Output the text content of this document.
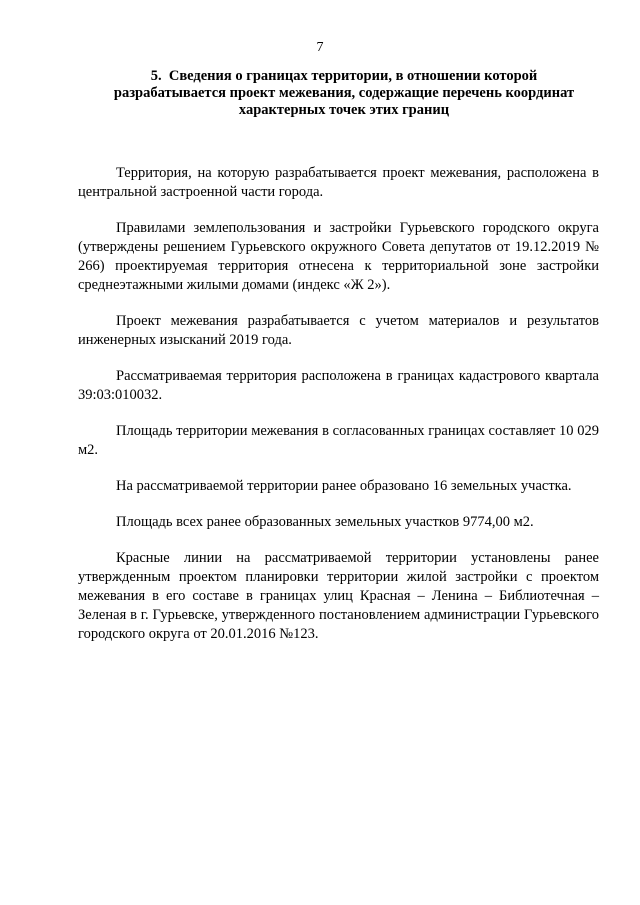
7
5.  Сведения о границах территории, в отношении которой разрабатывается проект межевания, содержащие перечень координат характерных точек этих границ

Территория, на которую разрабатывается проект межевания, расположена в центральной застроенной части города.

Правилами землепользования и застройки Гурьевского городского округа (утверждены решением Гурьевского окружного Совета депутатов от 19.12.2019 № 266) проектируемая территория отнесена к территориальной зоне застройки среднеэтажными жилыми домами (индекс «Ж 2»).

Проект межевания разрабатывается с учетом материалов и результатов инженерных изысканий 2019 года.

Рассматриваемая территория расположена в границах кадастрового квартала 39:03:010032.

Площадь территории межевания в согласованных границах составляет 10 029 м2.

На рассматриваемой территории ранее образовано 16 земельных участка.

Площадь всех ранее образованных земельных участков 9774,00 м2.

Красные линии на рассматриваемой территории установлены ранее утвержденным проектом планировки территории жилой застройки с проектом межевания в его составе в границах улиц Красная – Ленина – Библиотечная – Зеленая в г. Гурьевске, утвержденного постановлением администрации Гурьевского городского округа от 20.01.2016 №123.
